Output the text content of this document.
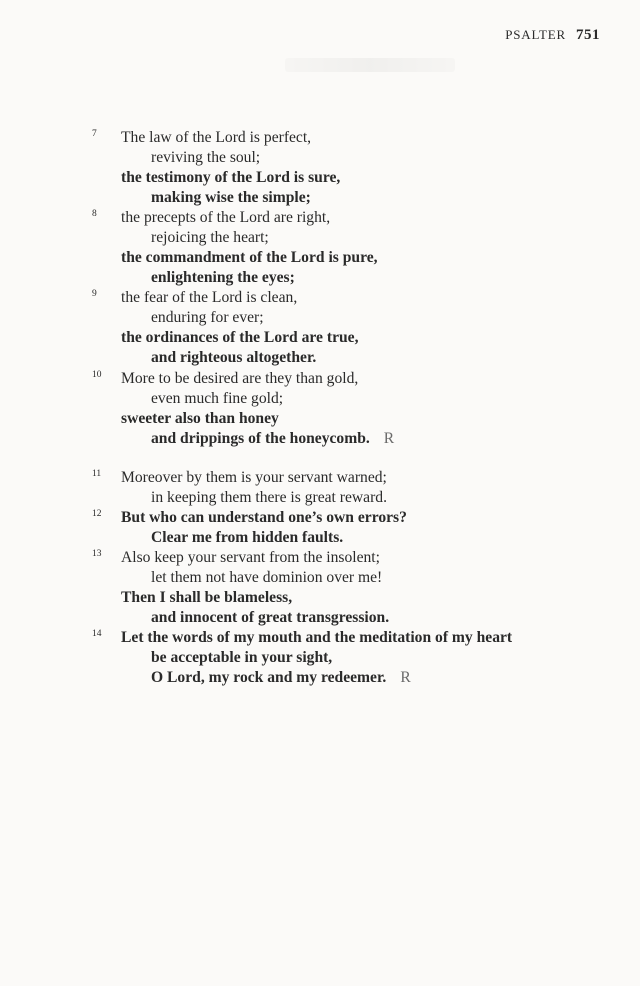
PSALTER 751
7 The law of the Lord is perfect,
reviving the soul;
the testimony of the Lord is sure,
making wise the simple;
8 the precepts of the Lord are right,
rejoicing the heart;
the commandment of the Lord is pure,
enlightening the eyes;
9 the fear of the Lord is clean,
enduring for ever;
the ordinances of the Lord are true,
and righteous altogether.
10 More to be desired are they than gold,
even much fine gold;
sweeter also than honey
and drippings of the honeycomb. R
11 Moreover by them is your servant warned;
in keeping them there is great reward.
12 But who can understand one’s own errors?
Clear me from hidden faults.
13 Also keep your servant from the insolent;
let them not have dominion over me!
Then I shall be blameless,
and innocent of great transgression.
14 Let the words of my mouth and the meditation of my heart
be acceptable in your sight,
O Lord, my rock and my redeemer. R
